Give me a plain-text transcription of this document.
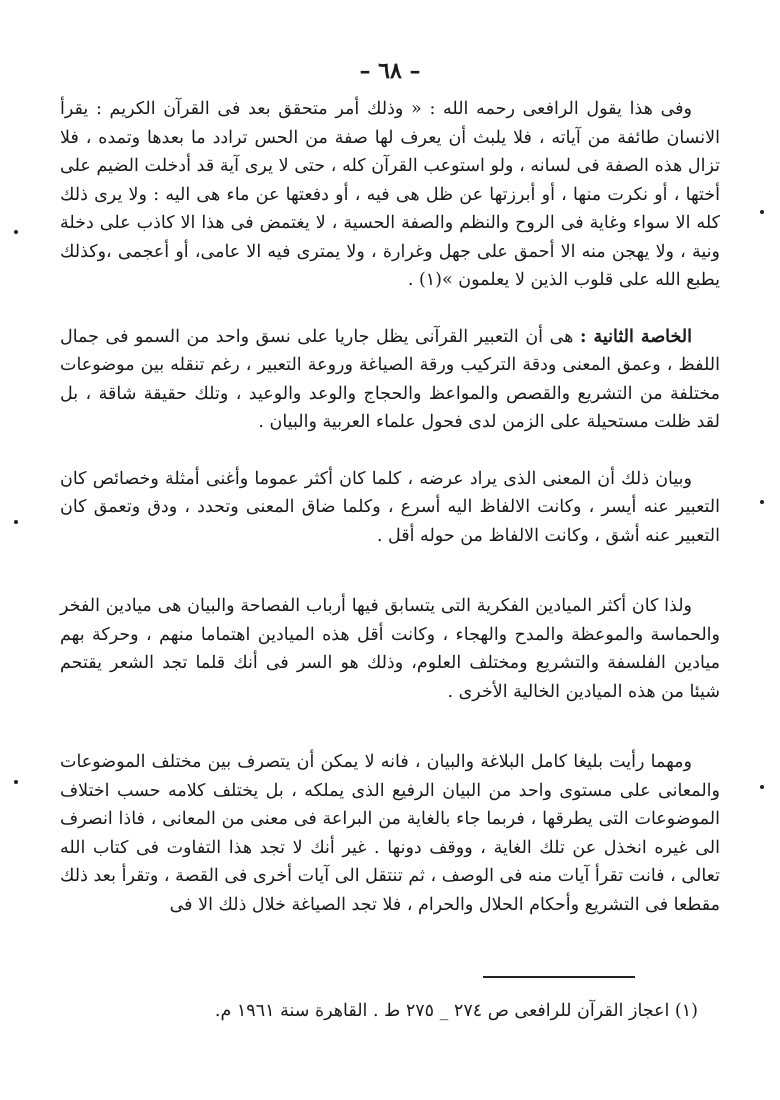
– ٦٨ –

وفى هذا يقول الرافعى رحمه الله : « وذلك أمر متحقق بعد فى القرآن الكريم : يقرأ الانسان طائفة من آياته ، فلا يلبث أن يعرف لها صفة من الحس ترادد ما بعدها وتمده ، فلا تزال هذه الصفة فى لسانه ، ولو استوعب القرآن كله ، حتى لا يرى آية قد أدخلت الضيم على أختها ، أو نكرت منها ، أو أبرزتها عن ظل هى فيه ، أو دفعتها عن ماء هى اليه : ولا يرى ذلك كله الا سواء وغاية فى الروح والنظم والصفة الحسية ، لا يغتمض فى هذا الا كاذب على دخلة ونية ، ولا يهجن منه الا أحمق على جهل وغرارة ، ولا يمترى فيه الا عامى، أو أعجمى ،وكذلك يطبع الله على قلوب الذين لا يعلمون »(١) .

الخاصة الثانية : هى أن التعبير القرآنى يظل جاريا على نسق واحد من السمو فى جمال اللفظ ، وعمق المعنى ودقة التركيب ورقة الصياغة وروعة التعبير ، رغم تنقله بين موضوعات مختلفة من التشريع والقصص والمواعظ والحجاج والوعد والوعيد ، وتلك حقيقة شاقة ، بل لقد ظلت مستحيلة على الزمن لدى فحول علماء العربية والبيان .

وبيان ذلك أن المعنى الذى يراد عرضه ، كلما كان أكثر عموما وأغنى أمثلة وخصائص كان التعبير عنه أيسر ، وكانت الالفاظ اليه أسرع ، وكلما ضاق المعنى وتحدد ، ودق وتعمق كان التعبير عنه أشق ، وكانت الالفاظ من حوله أقل .

ولذا كان أكثر الميادين الفكرية التى يتسابق فيها أرباب الفصاحة والبيان هى ميادين الفخر والحماسة والموعظة والمدح والهجاء ، وكانت أقل هذه الميادين اهتماما منهم ، وحركة بهم ميادين الفلسفة والتشريع ومختلف العلوم، وذلك هو السر فى أنك قلما تجد الشعر يقتحم شيئا من هذه الميادين الخالية الأخرى .

ومهما رأيت بليغا كامل البلاغة والبيان ، فانه لا يمكن أن يتصرف بين مختلف الموضوعات والمعانى على مستوى واحد من البيان الرفيع الذى يملكه ، بل يختلف كلامه حسب اختلاف الموضوعات التى يطرقها ، فربما جاء بالغاية من البراعة فى معنى من المعانى ، فاذا انصرف الى غيره انخذل عن تلك الغاية ، ووقف دونها . غير أنك لا تجد هذا التفاوت فى كتاب الله تعالى ، فانت تقرأ آيات منه فى الوصف ، ثم تنتقل الى آيات أخرى فى القصة ، وتقرأ بعد ذلك مقطعا فى التشريع وأحكام الحلال والحرام ، فلا تجد الصياغة خلال ذلك الا فى

(١) اعجاز القرآن للرافعى ص ٢٧٤ _ ٢٧٥ ط . القاهرة سنة ١٩٦١ م.
